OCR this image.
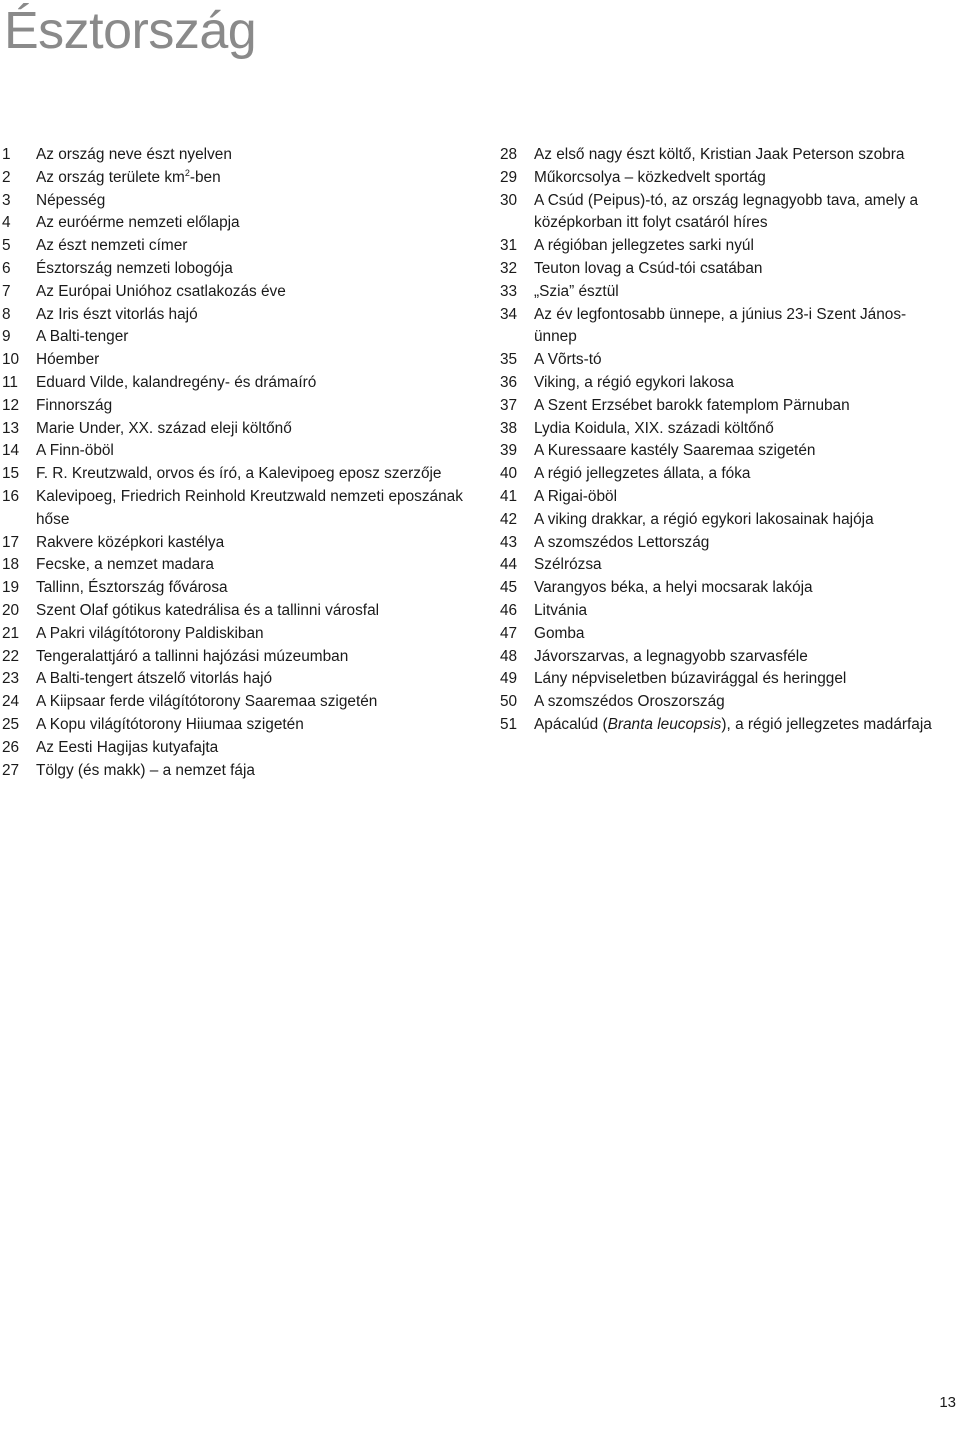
Észtország
1	Az ország neve észt nyelven
2	Az ország területe $km^2$-ben
3	Népesség
4	Az euróérme nemzeti előlapja
5	Az észt nemzeti címer
6	Észtország nemzeti lobogója
7	Az Európai Unióhoz csatlakozás éve
8	Az Iris észt vitorlás hajó
9	A Balti-tenger
10	Hóember
11	Eduard Vilde, kalandregény- és drámaíró
12	Finnország
13	Marie Under, XX. század eleji költőnő
14	A Finn-öböl
15	F. R. Kreutzwald, orvos és író, a Kalevipoeg eposz szerzője
16	Kalevipoeg, Friedrich Reinhold Kreutzwald nemzeti eposzának hőse
17	Rakvere középkori kastélya
18	Fecske, a nemzet madara
19	Tallinn, Észtország fővárosa
20	Szent Olaf gótikus katedrálisa és a tallinni városfal
21	A Pakri világítótorony Paldiskiban
22	Tengeralattjáró a tallinni hajózási múzeumban
23	A Balti-tengert átszelő vitorlás hajó
24	A Kiipsaar ferde világítótorony Saaremaa szigetén
25	A Kopu világítótorony Hiiumaa szigetén
26	Az Eesti Hagijas kutyafajta
27	Tölgy (és makk) – a nemzet fája
28	Az első nagy észt költő, Kristian Jaak Peterson szobra
29	Műkorcsolya – közkedvelt sportág
30	A Csúd (Peipus)-tó, az ország legnagyobb tava, amely a középkorban itt folyt csatáról híres
31	A régióban jellegzetes sarki nyúl
32	Teuton lovag a Csúd-tói csatában
33	„Szia” észtül
34	Az év legfontosabb ünnepe, a június 23-i Szent János-ünnep
35	A Võrts-tó
36	Viking, a régió egykori lakosa
37	A Szent Erzsébet barokk fatemplom Pärnuban
38	Lydia Koidula, XIX. századi költőnő
39	A Kuressaare kastély Saaremaa szigetén
40	A régió jellegzetes állata, a fóka
41	A Rigai-öböl
42	A viking drakkar, a régió egykori lakosainak hajója
43	A szomszédos Lettország
44	Szélrózsa
45	Varangyos béka, a helyi mocsarak lakója
46	Litvánia
47	Gomba
48	Jávorszarvas, a legnagyobb szarvasféle
49	Lány népviseletben búzavirággal és heringgel
50	A szomszédos Oroszország
51	Apácalúd (Branta leucopsis), a régió jellegzetes madárfaja
13
